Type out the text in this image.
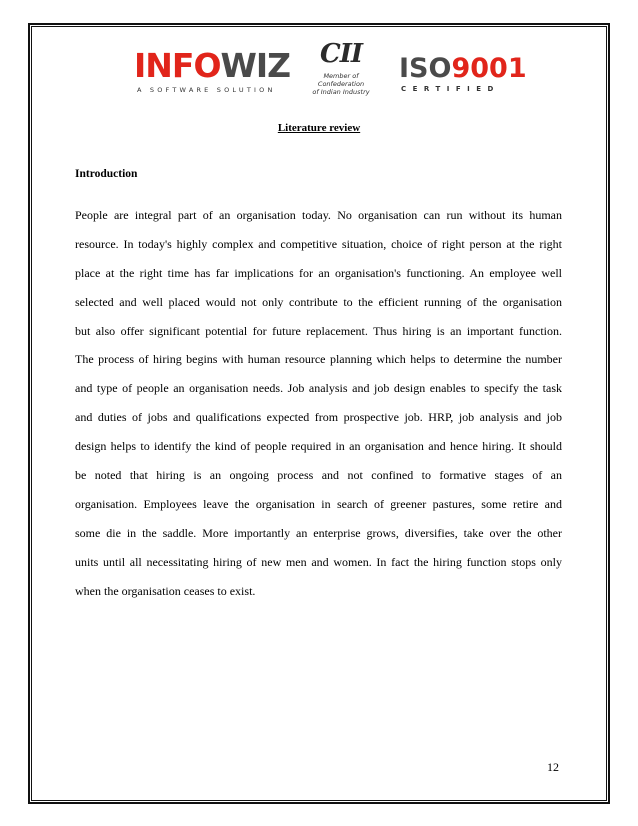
INFOWIZ
A SOFTWARE SOLUTION
CII
Member of Confederation
of Indian Industry
ISO9001
CERTIFIED
Literature review
Introduction
People are integral part of an organisation today. No organisation can run without its human
resource. In today's highly complex and competitive situation, choice of right person at the right
place at the right time has far implications for an organisation's functioning. An employee well
selected and well placed would not only contribute to the efficient running of the organisation
but also offer significant potential for future replacement. Thus hiring is an important function.
The process of hiring begins with human resource planning which helps to determine the number
and type of people an organisation needs. Job analysis and job design enables to specify the task
and duties of jobs and qualifications expected from prospective job. HRP, job analysis and job
design helps to identify the kind of people required in an organisation and hence hiring. It should
be noted that hiring is an ongoing process and not confined to formative stages of an
organisation. Employees leave the organisation in search of greener pastures, some retire and
some die in the saddle. More importantly an enterprise grows, diversifies, take over the other
units until all necessitating hiring of new men and women. In fact the hiring function stops only
when the organisation ceases to exist.
12
